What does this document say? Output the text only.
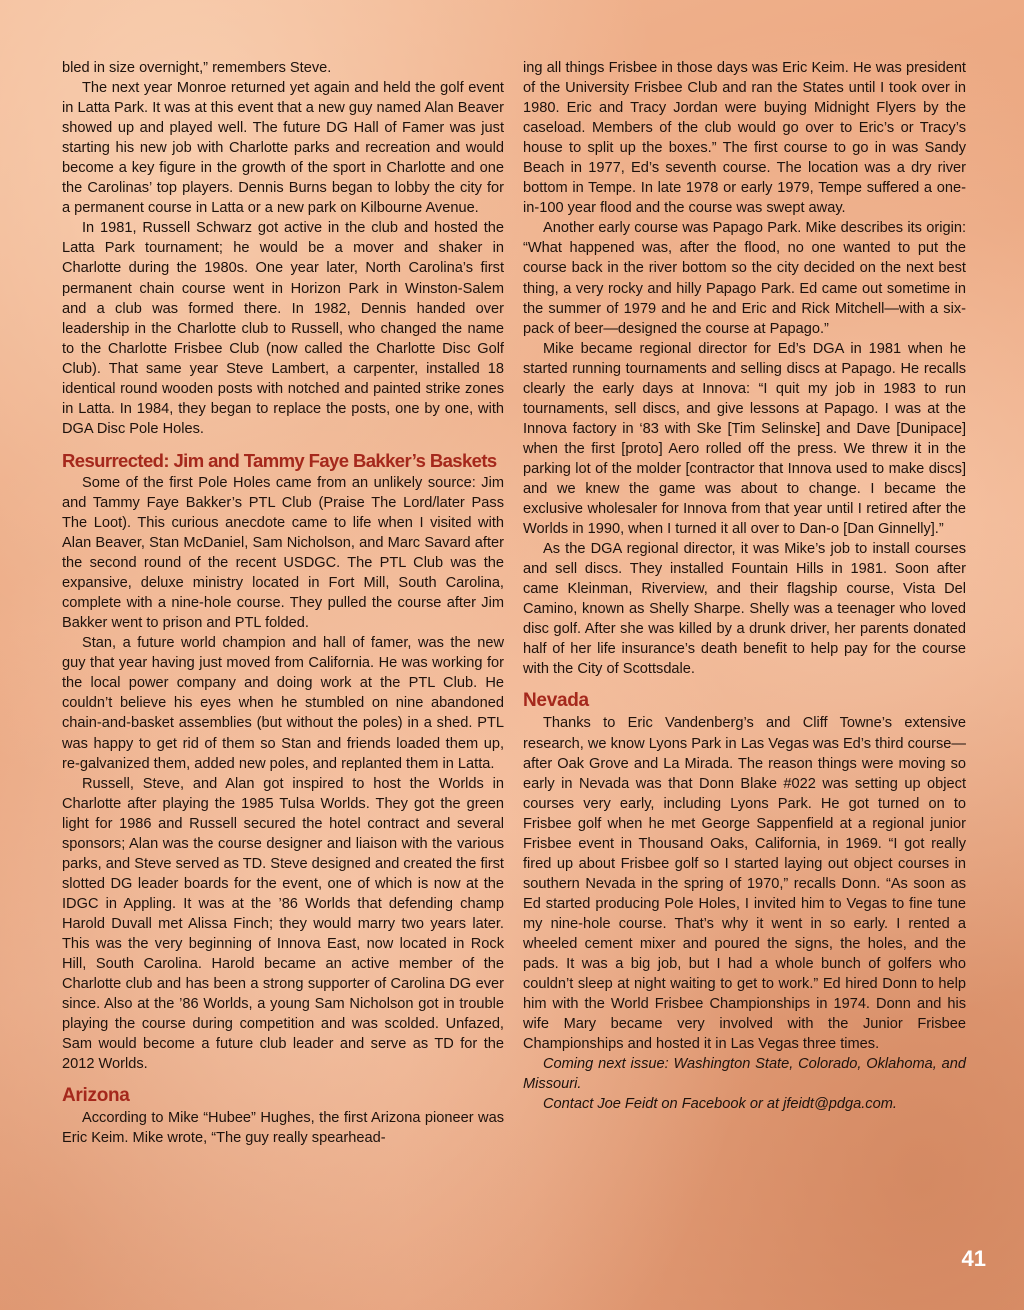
bled in size overnight,” remembers Steve.

The next year Monroe returned yet again and held the golf event in Latta Park. It was at this event that a new guy named Alan Beaver showed up and played well. The future DG Hall of Famer was just starting his new job with Charlotte parks and recreation and would become a key figure in the growth of the sport in Charlotte and one the Carolinas’ top players. Dennis Burns began to lobby the city for a permanent course in Latta or a new park on Kilbourne Avenue.

In 1981, Russell Schwarz got active in the club and hosted the Latta Park tournament; he would be a mover and shaker in Charlotte during the 1980s. One year later, North Carolina’s first permanent chain course went in Horizon Park in Winston-Salem and a club was formed there. In 1982, Dennis handed over leadership in the Charlotte club to Russell, who changed the name to the Charlotte Frisbee Club (now called the Charlotte Disc Golf Club). That same year Steve Lambert, a carpenter, installed 18 identical round wooden posts with notched and painted strike zones in Latta. In 1984, they began to replace the posts, one by one, with DGA Disc Pole Holes.

Resurrected: Jim and Tammy Faye Bakker’s Baskets

Some of the first Pole Holes came from an unlikely source: Jim and Tammy Faye Bakker’s PTL Club (Praise The Lord/later Pass The Loot). This curious anecdote came to life when I visited with Alan Beaver, Stan McDaniel, Sam Nicholson, and Marc Savard after the second round of the recent USDGC. The PTL Club was the expansive, deluxe ministry located in Fort Mill, South Carolina, complete with a nine-hole course. They pulled the course after Jim Bakker went to prison and PTL folded.

Stan, a future world champion and hall of famer, was the new guy that year having just moved from California. He was working for the local power company and doing work at the PTL Club. He couldn’t believe his eyes when he stumbled on nine abandoned chain-and-basket assemblies (but without the poles) in a shed. PTL was happy to get rid of them so Stan and friends loaded them up, re-galvanized them, added new poles, and replanted them in Latta.

Russell, Steve, and Alan got inspired to host the Worlds in Charlotte after playing the 1985 Tulsa Worlds. They got the green light for 1986 and Russell secured the hotel contract and several sponsors; Alan was the course designer and liaison with the various parks, and Steve served as TD. Steve designed and created the first slotted DG leader boards for the event, one of which is now at the IDGC in Appling. It was at the ’86 Worlds that defending champ Harold Duvall met Alissa Finch; they would marry two years later. This was the very beginning of Innova East, now located in Rock Hill, South Carolina. Harold became an active member of the Charlotte club and has been a strong supporter of Carolina DG ever since. Also at the ’86 Worlds, a young Sam Nicholson got in trouble playing the course during competition and was scolded. Unfazed, Sam would become a future club leader and serve as TD for the 2012 Worlds.

Arizona

According to Mike “Hubee” Hughes, the first Arizona pioneer was Eric Keim. Mike wrote, “The guy really spearhead-

ing all things Frisbee in those days was Eric Keim. He was president of the University Frisbee Club and ran the States until I took over in 1980. Eric and Tracy Jordan were buying Midnight Flyers by the caseload. Members of the club would go over to Eric’s or Tracy’s house to split up the boxes.” The first course to go in was Sandy Beach in 1977, Ed’s seventh course. The location was a dry river bottom in Tempe. In late 1978 or early 1979, Tempe suffered a one-in-100 year flood and the course was swept away.

Another early course was Papago Park. Mike describes its origin: “What happened was, after the flood, no one wanted to put the course back in the river bottom so the city decided on the next best thing, a very rocky and hilly Papago Park. Ed came out sometime in the summer of 1979 and he and Eric and Rick Mitchell—with a six-pack of beer—designed the course at Papago.”

Mike became regional director for Ed’s DGA in 1981 when he started running tournaments and selling discs at Papago. He recalls clearly the early days at Innova: “I quit my job in 1983 to run tournaments, sell discs, and give lessons at Papago. I was at the Innova factory in ‘83 with Ske [Tim Selinske] and Dave [Dunipace] when the first [proto] Aero rolled off the press. We threw it in the parking lot of the molder [contractor that Innova used to make discs] and we knew the game was about to change. I became the exclusive wholesaler for Innova from that year until I retired after the Worlds in 1990, when I turned it all over to Dan-o [Dan Ginnelly].”

As the DGA regional director, it was Mike’s job to install courses and sell discs. They installed Fountain Hills in 1981. Soon after came Kleinman, Riverview, and their flagship course, Vista Del Camino, known as Shelly Sharpe. Shelly was a teenager who loved disc golf. After she was killed by a drunk driver, her parents donated half of her life insurance’s death benefit to help pay for the course with the City of Scottsdale.

Nevada

Thanks to Eric Vandenberg’s and Cliff Towne’s extensive research, we know Lyons Park in Las Vegas was Ed’s third course—after Oak Grove and La Mirada. The reason things were moving so early in Nevada was that Donn Blake #022 was setting up object courses very early, including Lyons Park. He got turned on to Frisbee golf when he met George Sappenfield at a regional junior Frisbee event in Thousand Oaks, California, in 1969. “I got really fired up about Frisbee golf so I started laying out object courses in southern Nevada in the spring of 1970,” recalls Donn. “As soon as Ed started producing Pole Holes, I invited him to Vegas to fine tune my nine-hole course. That’s why it went in so early. I rented a wheeled cement mixer and poured the signs, the holes, and the pads. It was a big job, but I had a whole bunch of golfers who couldn’t sleep at night waiting to get to work.” Ed hired Donn to help him with the World Frisbee Championships in 1974. Donn and his wife Mary became very involved with the Junior Frisbee Championships and hosted it in Las Vegas three times.

Coming next issue: Washington State, Colorado, Oklahoma, and Missouri.

Contact Joe Feidt on Facebook or at jfeidt@pdga.com.

41
